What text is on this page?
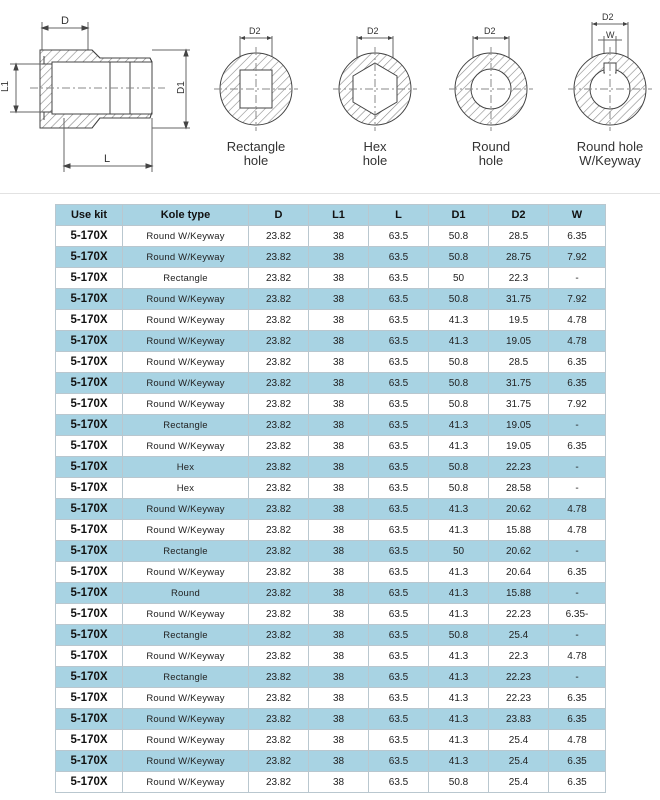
D
L1	D1
L
D2	D2	D2
D2
W
Rectangle
hole
Hex
hole
Round
hole
Round hole
W/Keyway
Use kit	Kole type	D	L1	L	D1	D2	W
5-170X	Round W/Keyway	23.82	38	63.5	50.8	28.5	6.35
5-170X	Round W/Keyway	23.82	38	63.5	50.8	28.75	7.92
5-170X	Rectangle	23.82	38	63.5	50	22.3	-
5-170X	Round W/Keyway	23.82	38	63.5	50.8	31.75	7.92
5-170X	Round W/Keyway	23.82	38	63.5	41.3	19.5	4.78
5-170X	Round W/Keyway	23.82	38	63.5	41.3	19.05	4.78
5-170X	Round W/Keyway	23.82	38	63.5	50.8	28.5	6.35
5-170X	Round W/Keyway	23.82	38	63.5	50.8	31.75	6.35
5-170X	Round W/Keyway	23.82	38	63.5	50.8	31.75	7.92
5-170X	Rectangle	23.82	38	63.5	41.3	19.05	-
5-170X	Round W/Keyway	23.82	38	63.5	41.3	19.05	6.35
5-170X	Hex	23.82	38	63.5	50.8	22.23	-
5-170X	Hex	23.82	38	63.5	50.8	28.58	-
5-170X	Round W/Keyway	23.82	38	63.5	41.3	20.62	4.78
5-170X	Round W/Keyway	23.82	38	63.5	41.3	15.88	4.78
5-170X	Rectangle	23.82	38	63.5	50	20.62	-
5-170X	Round W/Keyway	23.82	38	63.5	41.3	20.64	6.35
5-170X	Round	23.82	38	63.5	41.3	15.88	-
5-170X	Round W/Keyway	23.82	38	63.5	41.3	22.23	6.35-
5-170X	Rectangle	23.82	38	63.5	50.8	25.4	-
5-170X	Round W/Keyway	23.82	38	63.5	41.3	22.3	4.78
5-170X	Rectangle	23.82	38	63.5	41.3	22.23	-
5-170X	Round W/Keyway	23.82	38	63.5	41.3	22.23	6.35
5-170X	Round W/Keyway	23.82	38	63.5	41.3	23.83	6.35
5-170X	Round W/Keyway	23.82	38	63.5	41.3	25.4	4.78
5-170X	Round W/Keyway	23.82	38	63.5	41.3	25.4	6.35
5-170X	Round W/Keyway	23.82	38	63.5	50.8	25.4	6.35
